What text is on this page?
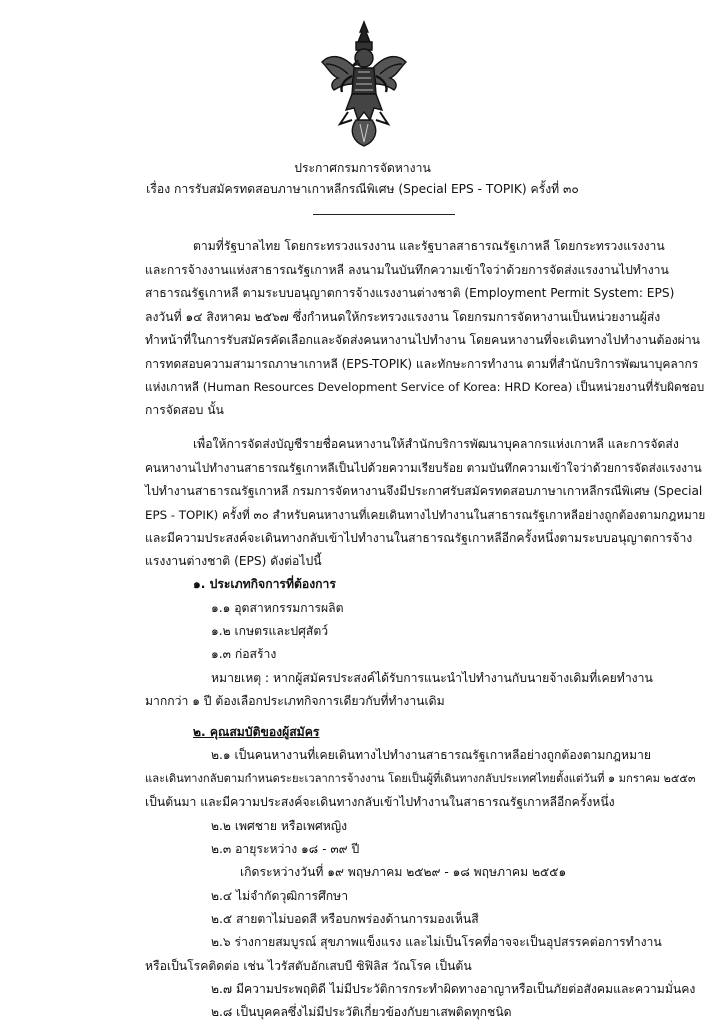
ประกาศกรมการจัดหางาน
เรื่อง การรับสมัครทดสอบภาษาเกาหลีกรณีพิเศษ (Special EPS - TOPIK) ครั้งที่ ๓๐
ตามที่รัฐบาลไทย โดยกระทรวงแรงงาน และรัฐบาลสาธารณรัฐเกาหลี โดยกระทรวงแรงงาน
และการจ้างงานแห่งสาธารณรัฐเกาหลี ลงนามในบันทึกความเข้าใจว่าด้วยการจัดส่งแรงงานไปทำงาน
สาธารณรัฐเกาหลี ตามระบบอนุญาตการจ้างแรงงานต่างชาติ (Employment Permit System: EPS)
ลงวันที่ ๑๔ สิงหาคม ๒๕๖๗ ซึ่งกำหนดให้กระทรวงแรงงาน โดยกรมการจัดหางานเป็นหน่วยงานผู้ส่ง
ทำหน้าที่ในการรับสมัครคัดเลือกและจัดส่งคนหางานไปทำงาน โดยคนหางานที่จะเดินทางไปทำงานต้องผ่าน
การทดสอบความสามารถภาษาเกาหลี (EPS-TOPIK) และทักษะการทำงาน ตามที่สำนักบริการพัฒนาบุคลากร
แห่งเกาหลี (Human Resources Development Service of Korea: HRD Korea) เป็นหน่วยงานที่รับผิดชอบ
การจัดสอบ นั้น
เพื่อให้การจัดส่งบัญชีรายชื่อคนหางานให้สำนักบริการพัฒนาบุคลากรแห่งเกาหลี และการจัดส่ง
คนหางานไปทำงานสาธารณรัฐเกาหลีเป็นไปด้วยความเรียบร้อย ตามบันทึกความเข้าใจว่าด้วยการจัดส่งแรงงาน
ไปทำงานสาธารณรัฐเกาหลี กรมการจัดหางานจึงมีประกาศรับสมัครทดสอบภาษาเกาหลีกรณีพิเศษ (Special
EPS - TOPIK) ครั้งที่ ๓๐ สำหรับคนหางานที่เคยเดินทางไปทำงานในสาธารณรัฐเกาหลีอย่างถูกต้องตามกฎหมาย
และมีความประสงค์จะเดินทางกลับเข้าไปทำงานในสาธารณรัฐเกาหลีอีกครั้งหนึ่งตามระบบอนุญาตการจ้าง
แรงงานต่างชาติ (EPS) ดังต่อไปนี้
๑. ประเภทกิจการที่ต้องการ
๑.๑ อุตสาหกรรมการผลิต
๑.๒ เกษตรและปศุสัตว์
๑.๓ ก่อสร้าง
หมายเหตุ : หากผู้สมัครประสงค์ได้รับการแนะนำไปทำงานกับนายจ้างเดิมที่เคยทำงาน
มากกว่า ๑ ปี ต้องเลือกประเภทกิจการเดียวกับที่ทำงานเดิม
๒. คุณสมบัติของผู้สมัคร
๒.๑ เป็นคนหางานที่เคยเดินทางไปทำงานสาธารณรัฐเกาหลีอย่างถูกต้องตามกฎหมาย
และเดินทางกลับตามกำหนดระยะเวลาการจ้างงาน โดยเป็นผู้ที่เดินทางกลับประเทศไทยตั้งแต่วันที่ ๑ มกราคม ๒๕๕๓
เป็นต้นมา และมีความประสงค์จะเดินทางกลับเข้าไปทำงานในสาธารณรัฐเกาหลีอีกครั้งหนึ่ง
๒.๒ เพศชาย หรือเพศหญิง
๒.๓ อายุระหว่าง ๑๘ - ๓๙ ปี
เกิดระหว่างวันที่ ๑๙ พฤษภาคม ๒๕๒๙ - ๑๘ พฤษภาคม ๒๕๕๑
๒.๔ ไม่จำกัดวุฒิการศึกษา
๒.๕ สายตาไม่บอดสี หรือบกพร่องด้านการมองเห็นสี
๒.๖ ร่างกายสมบูรณ์ สุขภาพแข็งแรง และไม่เป็นโรคที่อาจจะเป็นอุปสรรคต่อการทำงาน
หรือเป็นโรคติดต่อ เช่น ไวรัสตับอักเสบบี ซิฟิลิส วัณโรค เป็นต้น
๒.๗ มีความประพฤติดี ไม่มีประวัติการกระทำผิดทางอาญาหรือเป็นภัยต่อสังคมและความมั่นคง
๒.๘ เป็นบุคคลซึ่งไม่มีประวัติเกี่ยวข้องกับยาเสพติดทุกชนิด
